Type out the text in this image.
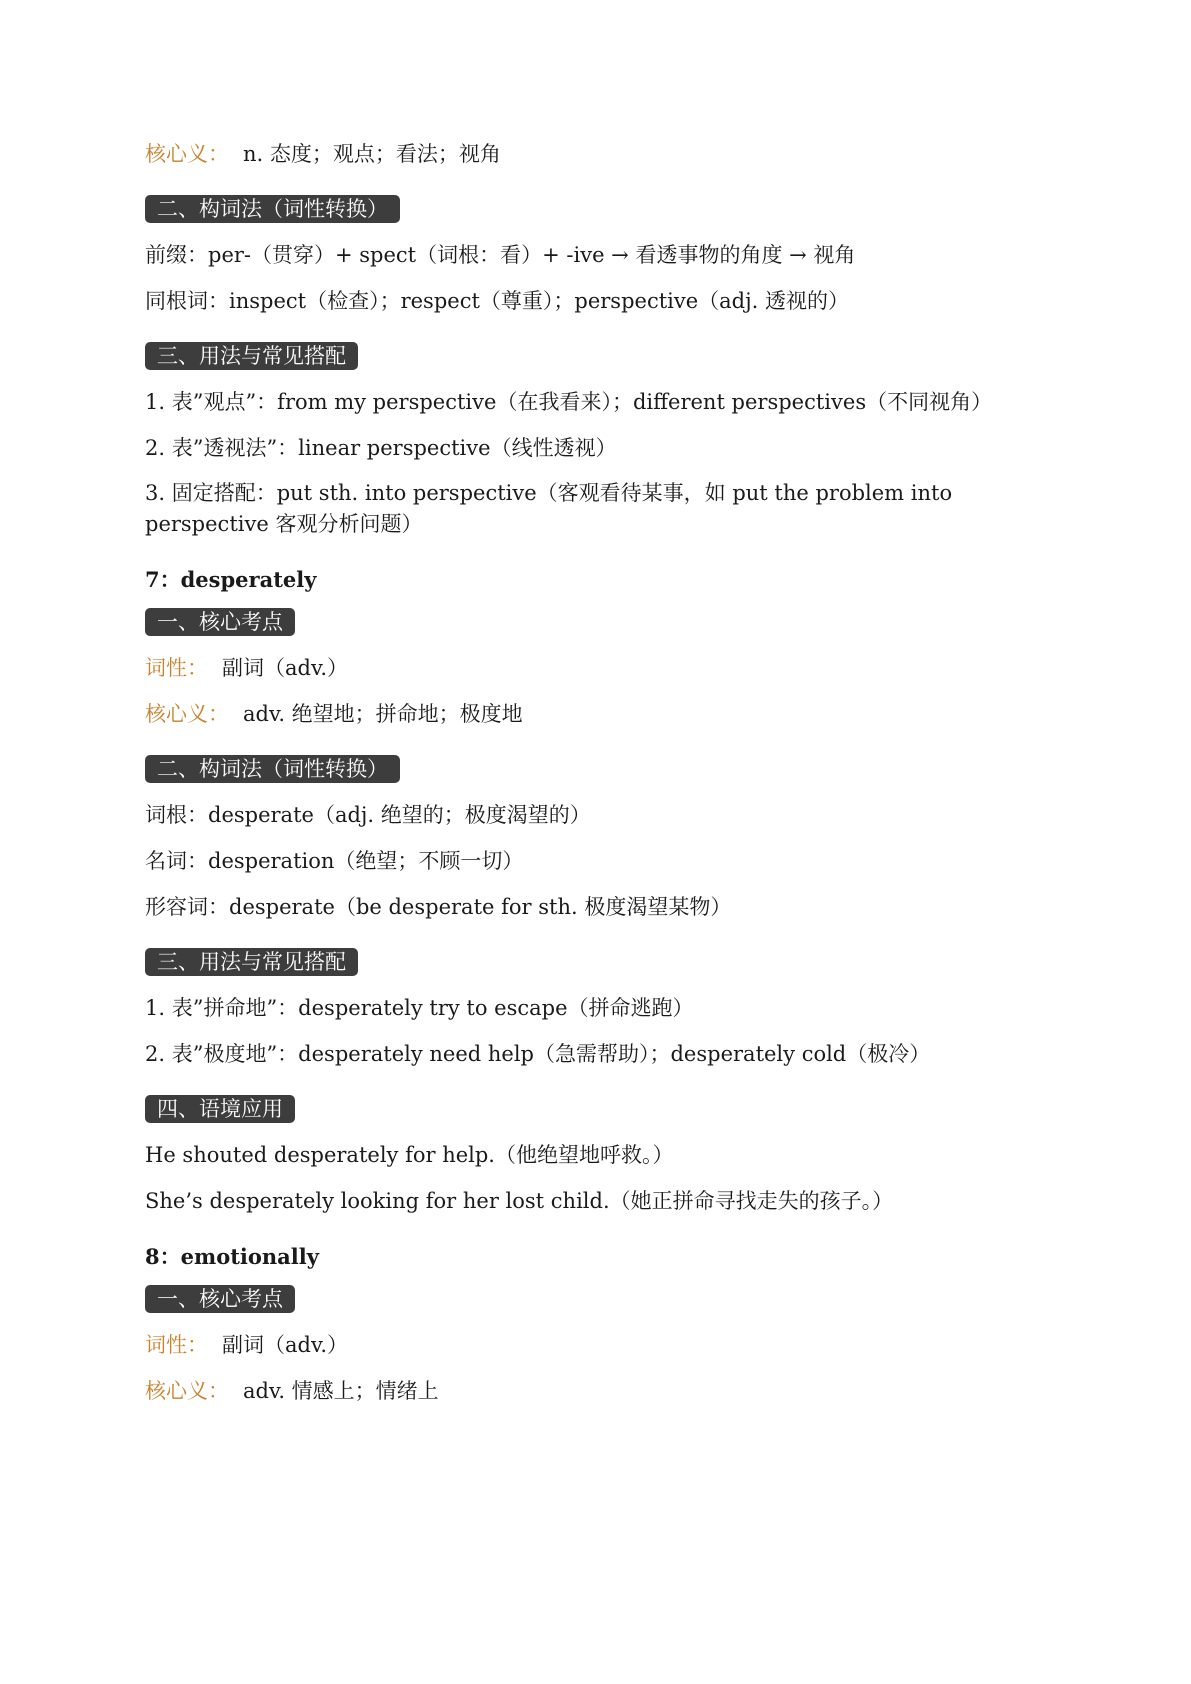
核心义： n. 态度；观点；看法；视角
二、构词法（词性转换）
前缀：per-（贯穿）+ spect（词根：看）+ -ive → 看透事物的角度 → 视角
同根词：inspect（检查）；respect（尊重）；perspective（adj. 透视的）
三、用法与常见搭配
1. 表”观点”：from my perspective（在我看来）；different perspectives（不同视角）
2. 表”透视法”：linear perspective（线性透视）
3. 固定搭配：put sth. into perspective（客观看待某事，如 put the problem into perspective 客观分析问题）
7：desperately
一、核心考点
词性： 副词（adv.）
核心义： adv. 绝望地；拼命地；极度地
二、构词法（词性转换）
词根：desperate（adj. 绝望的；极度渴望的）
名词：desperation（绝望；不顾一切）
形容词：desperate（be desperate for sth. 极度渴望某物）
三、用法与常见搭配
1. 表”拼命地”：desperately try to escape（拼命逃跑）
2. 表”极度地”：desperately need help（急需帮助）；desperately cold（极冷）
四、语境应用
He shouted desperately for help.（他绝望地呼救。）
She’s desperately looking for her lost child.（她正拼命寻找走失的孩子。）
8：emotionally
一、核心考点
词性： 副词（adv.）
核心义： adv. 情感上；情绪上
